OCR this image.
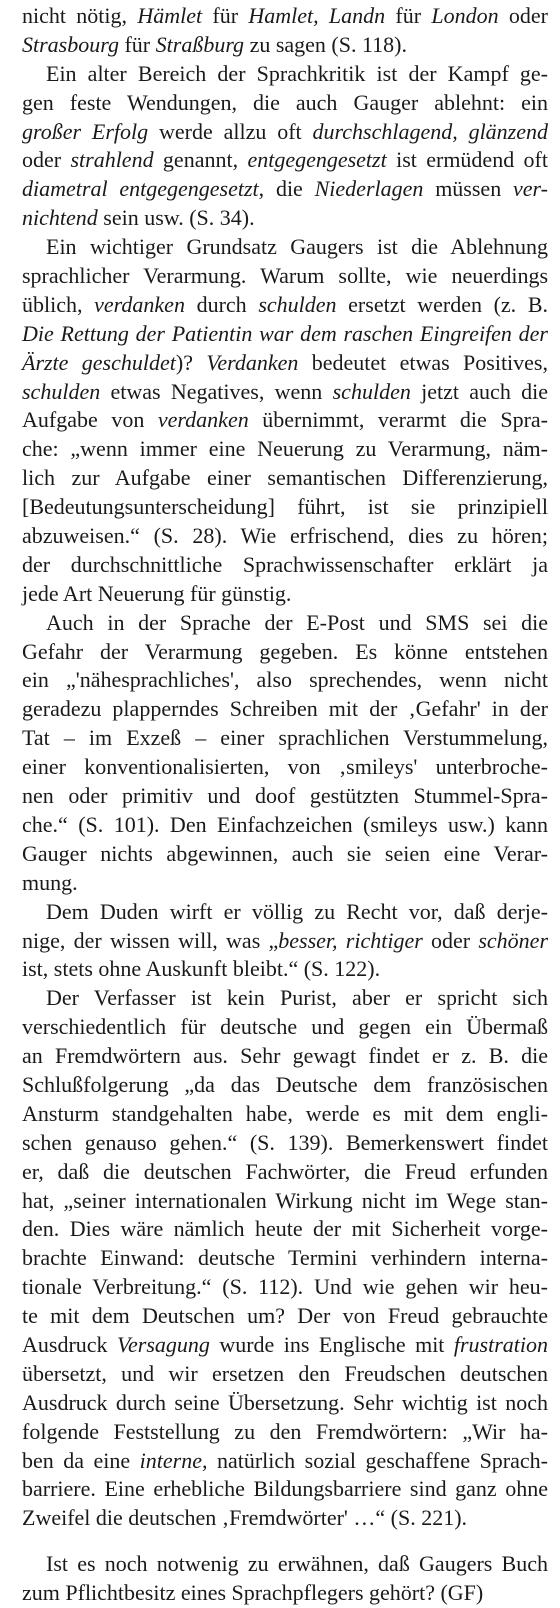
nicht nötig, Hämlet für Hamlet, Landn für London oder
Strasbourg für Straßburg zu sagen (S. 118).
Ein alter Bereich der Sprachkritik ist der Kampf ge-
gen feste Wendungen, die auch Gauger ablehnt: ein
großer Erfolg werde allzu oft durchschlagend, glänzend
oder strahlend genannt, entgegengesetzt ist ermüdend oft
diametral entgegengesetzt, die Niederlagen müssen ver-
nichtend sein usw. (S. 34).
Ein wichtiger Grundsatz Gaugers ist die Ablehnung
sprachlicher Verarmung. Warum sollte, wie neuerdings
üblich, verdanken durch schulden ersetzt werden (z. B.
Die Rettung der Patientin war dem raschen Eingreifen der
Ärzte geschuldet)? Verdanken bedeutet etwas Positives,
schulden etwas Negatives, wenn schulden jetzt auch die
Aufgabe von verdanken übernimmt, verarmt die Spra-
che: „wenn immer eine Neuerung zu Verarmung, näm-
lich zur Aufgabe einer semantischen Differenzierung,
[Bedeutungsunterscheidung] führt, ist sie prinzipiell
abzuweisen.“ (S. 28). Wie erfrischend, dies zu hören;
der durchschnittliche Sprachwissenschafter erklärt ja
jede Art Neuerung für günstig.
Auch in der Sprache der E-Post und SMS sei die
Gefahr der Verarmung gegeben. Es könne entstehen
ein „'nähesprachliches', also sprechendes, wenn nicht
geradezu plapperndes Schreiben mit der ‚Gefahr' in der
Tat – im Exzeß – einer sprachlichen Verstummelung,
einer konventionalisierten, von ‚smileys' unterbroche-
nen oder primitiv und doof gestützten Stummel-Spra-
che.“ (S. 101). Den Einfachzeichen (smileys usw.) kann
Gauger nichts abgewinnen, auch sie seien eine Verar-
mung.
Dem Duden wirft er völlig zu Recht vor, daß derje-
nige, der wissen will, was „besser, richtiger oder schöner
ist, stets ohne Auskunft bleibt.“ (S. 122).
Der Verfasser ist kein Purist, aber er spricht sich
verschiedentlich für deutsche und gegen ein Übermaß
an Fremdwörtern aus. Sehr gewagt findet er z. B. die
Schlußfolgerung „da das Deutsche dem französischen
Ansturm standgehalten habe, werde es mit dem engli-
schen genauso gehen.“ (S. 139). Bemerkenswert findet
er, daß die deutschen Fachwörter, die Freud erfunden
hat, „seiner internationalen Wirkung nicht im Wege stan-
den. Dies wäre nämlich heute der mit Sicherheit vorge-
brachte Einwand: deutsche Termini verhindern interna-
tionale Verbreitung.“ (S. 112). Und wie gehen wir heu-
te mit dem Deutschen um? Der von Freud gebrauchte
Ausdruck Versagung wurde ins Englische mit frustration
übersetzt, und wir ersetzen den Freudschen deutschen
Ausdruck durch seine Übersetzung. Sehr wichtig ist noch
folgende Feststellung zu den Fremdwörtern: „Wir ha-
ben da eine interne, natürlich sozial geschaffene Sprach-
barriere. Eine erhebliche Bildungsbarriere sind ganz ohne
Zweifel die deutschen ‚Fremdwörter' …“ (S. 221).
Ist es noch notwenig zu erwähnen, daß Gaugers Buch
zum Pflichtbesitz eines Sprachpflegers gehört? (GF)
